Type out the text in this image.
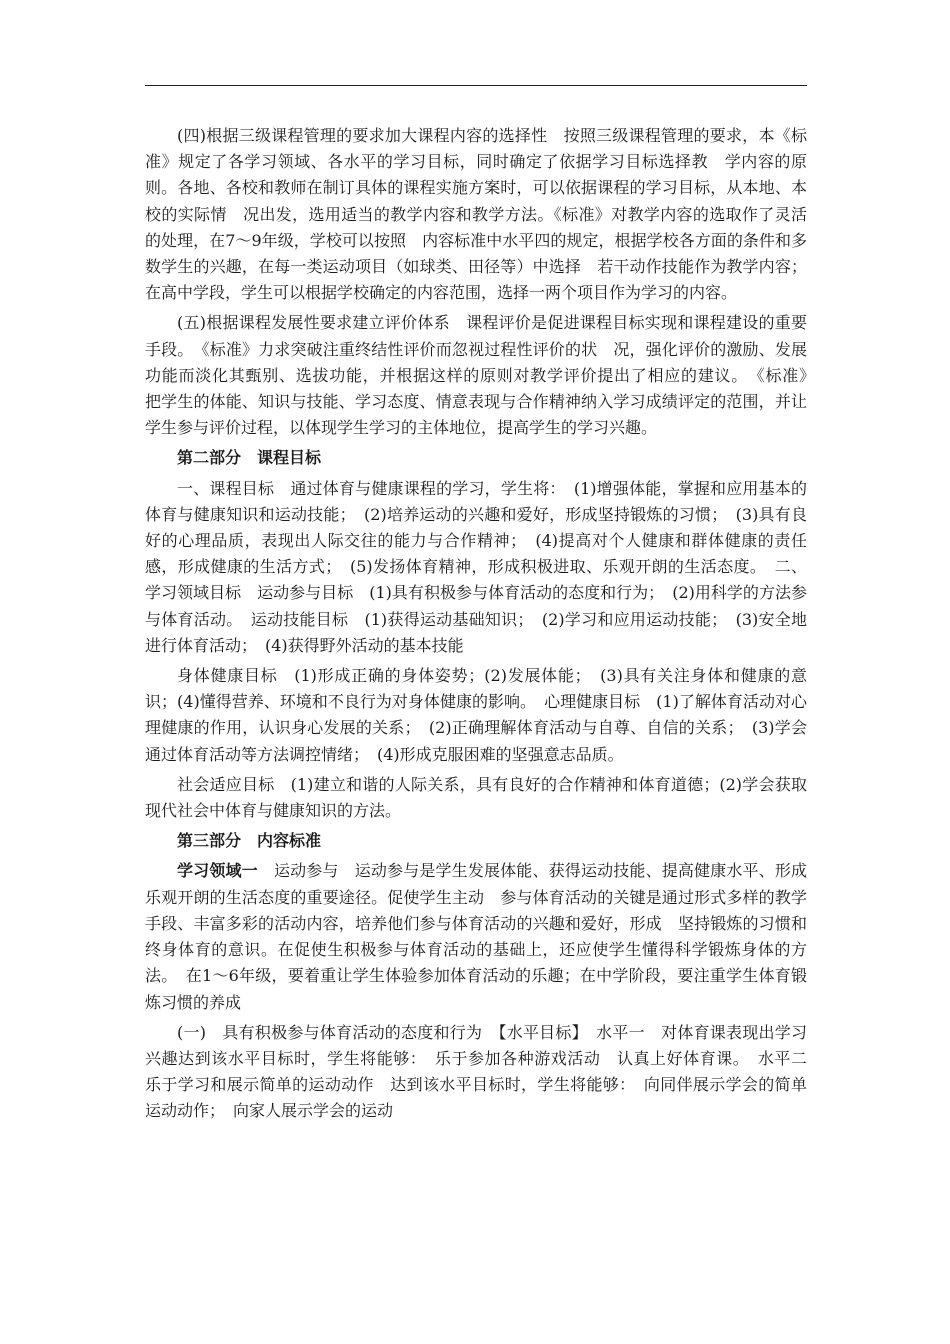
(四)根据三级课程管理的要求加大课程内容的选择性　按照三级课程管理的要求，本《标准》规定了各学习领域、各水平的学习目标，同时确定了依据学习目标选择教　学内容的原则。各地、各校和教师在制订具体的课程实施方案时，可以依据课程的学习目标，从本地、本校的实际情　况出发，选用适当的教学内容和教学方法。《标准》对教学内容的选取作了灵活的处理，在7～9年级，学校可以按照　内容标准中水平四的规定，根据学校各方面的条件和多数学生的兴趣，在每一类运动项目（如球类、田径等）中选择　若干动作技能作为教学内容；在高中学段，学生可以根据学校确定的内容范围，选择一两个项目作为学习的内容。

(五)根据课程发展性要求建立评价体系　课程评价是促进课程目标实现和课程建设的重要手段。　《标准》力求突破注重终结性评价而忽视过程性评价的状　况，强化评价的激励、发展功能而淡化其甄别、选拔功能，并根据这样的原则对教学评价提出了相应的建议。　《标准》　把学生的体能、知识与技能、学习态度、情意表现与合作精神纳入学习成绩评定的范围，并让学生参与评价过程，以体现学生学习的主体地位，提高学生的学习兴趣。

第二部分　课程目标

一、课程目标　通过体育与健康课程的学习，学生将：　(1)增强体能，掌握和应用基本的体育与健康知识和运动技能；　(2)培养运动的兴趣和爱好，形成坚持锻炼的习惯；　(3)具有良好的心理品质，表现出人际交往的能力与合作精神；　(4)提高对个人健康和群体健康的责任感，形成健康的生活方式；　(5)发扬体育精神，形成积极进取、乐观开朗的生活态度。　二、学习领域目标　运动参与目标　(1)具有积极参与体育活动的态度和行为；　(2)用科学的方法参与体育活动。　运动技能目标　(1)获得运动基础知识；　(2)学习和应用运动技能；　(3)安全地进行体育活动；　(4)获得野外活动的基本技能

身体健康目标　(1)形成正确的身体姿势；(2)发展体能；　(3)具有关注身体和健康的意识；(4)懂得营养、环境和不良行为对身体健康的影响。　心理健康目标　(1)了解体育活动对心理健康的作用，认识身心发展的关系；　(2)正确理解体育活动与自尊、自信的关系；　(3)学会通过体育活动等方法调控情绪；　(4)形成克服困难的坚强意志品质。

社会适应目标　(1)建立和谐的人际关系，具有良好的合作精神和体育道德；(2)学会获取现代社会中体育与健康知识的方法。

第三部分　内容标准

学习领域一　运动参与　运动参与是学生发展体能、获得运动技能、提高健康水平、形成乐观开朗的生活态度的重要途径。促使学生主动　参与体育活动的关键是通过形式多样的教学手段、丰富多彩的活动内容，培养他们参与体育活动的兴趣和爱好，形成　坚持锻炼的习惯和终身体育的意识。在促使生积极参与体育活动的基础上，还应使学生懂得科学锻炼身体的方法。　在1～6年级，要着重让学生体验参加体育活动的乐趣；在中学阶段，要注重学生体育锻炼习惯的养成

(一)　具有积极参与体育活动的态度和行为　【水平目标】　水平一　对体育课表现出学习兴趣达到该水平目标时，学生将能够：　乐于参加各种游戏活动　认真上好体育课。　水平二　乐于学习和展示简单的运动动作　达到该水平目标时，学生将能够：　向同伴展示学会的简单运动动作；　向家人展示学会的运动
